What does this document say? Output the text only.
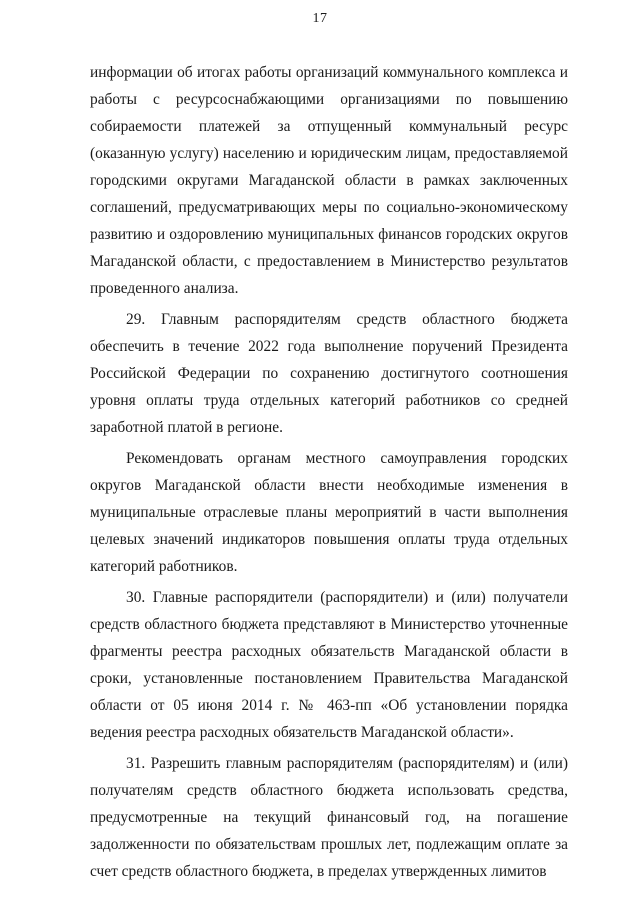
17

информации об итогах работы организаций коммунального комплекса и работы с ресурсоснабжающими организациями по повышению собираемости платежей за отпущенный коммунальный ресурс (оказанную услугу) населению и юридическим лицам, предоставляемой городскими округами Магаданской области в рамках заключенных соглашений, предусматривающих меры по социально-экономическому развитию и оздоровлению муниципальных финансов городских округов Магаданской области, с предоставлением в Министерство результатов проведенного анализа.

29. Главным распорядителям средств областного бюджета обеспечить в течение 2022 года выполнение поручений Президента Российской Федерации по сохранению достигнутого соотношения уровня оплаты труда отдельных категорий работников со средней заработной платой в регионе.

Рекомендовать органам местного самоуправления городских округов Магаданской области внести необходимые изменения в муниципальные отраслевые планы мероприятий в части выполнения целевых значений индикаторов повышения оплаты труда отдельных категорий работников.

30. Главные распорядители (распорядители) и (или) получатели средств областного бюджета представляют в Министерство уточненные фрагменты реестра расходных обязательств Магаданской области в сроки, установленные постановлением Правительства Магаданской области от 05 июня 2014 г. № 463-пп «Об установлении порядка ведения реестра расходных обязательств Магаданской области».

31. Разрешить главным распорядителям (распорядителям) и (или) получателям средств областного бюджета использовать средства, предусмотренные на текущий финансовый год, на погашение задолженности по обязательствам прошлых лет, подлежащим оплате за счет средств областного бюджета, в пределах утвержденных лимитов
